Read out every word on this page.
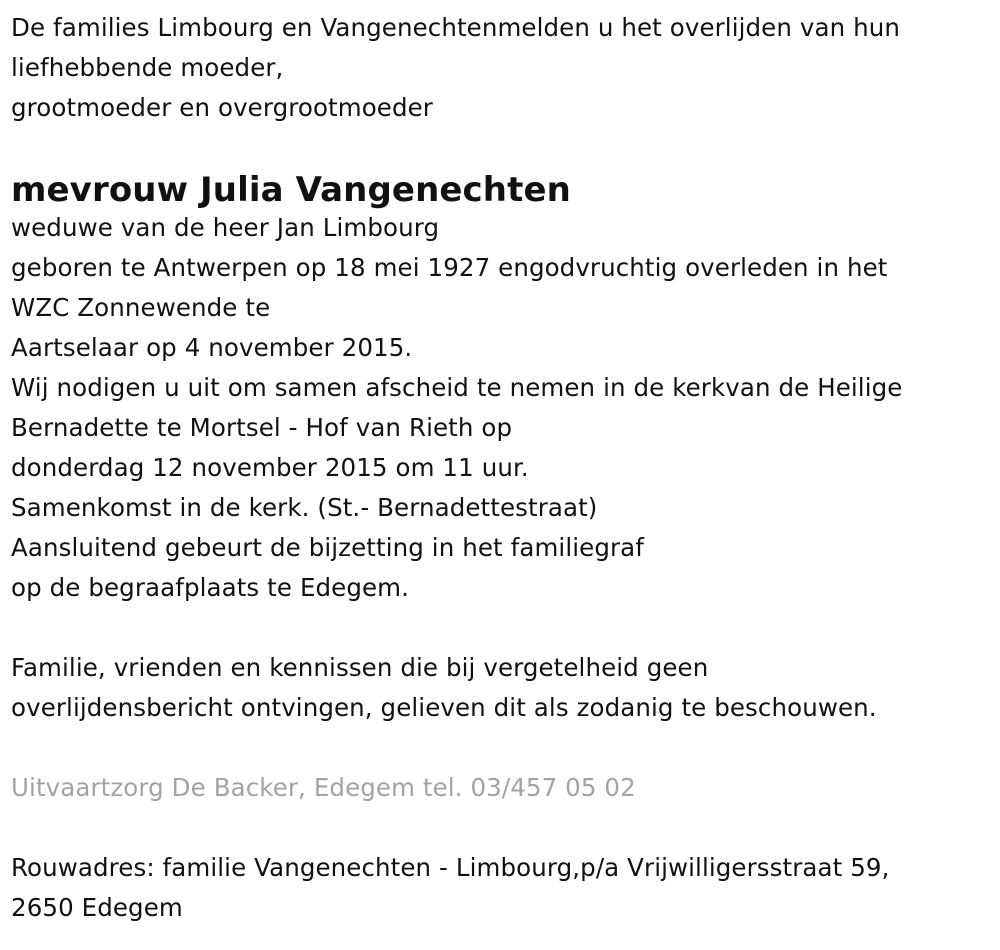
De families Limbourg en Vangenechtenmelden u het overlijden van hun
liefhebbende moeder,
grootmoeder en overgrootmoeder
mevrouw Julia Vangenechten
weduwe van de heer Jan Limbourg
geboren te Antwerpen op 18 mei 1927 engodvruchtig overleden in het
WZC Zonnewende te
Aartselaar op 4 november 2015.
Wij nodigen u uit om samen afscheid te nemen in de kerkvan de Heilige
Bernadette te Mortsel - Hof van Rieth op
donderdag 12 november 2015 om 11 uur.
Samenkomst in de kerk. (St.- Bernadettestraat)
Aansluitend gebeurt de bijzetting in het familiegraf
op de begraafplaats te Edegem.
Familie, vrienden en kennissen die bij vergetelheid geen
overlijdensbericht ontvingen, gelieven dit als zodanig te beschouwen.
Uitvaartzorg De Backer, Edegem tel. 03/457 05 02
Rouwadres: familie Vangenechten - Limbourg,p/a Vrijwilligersstraat 59,
2650 Edegem
